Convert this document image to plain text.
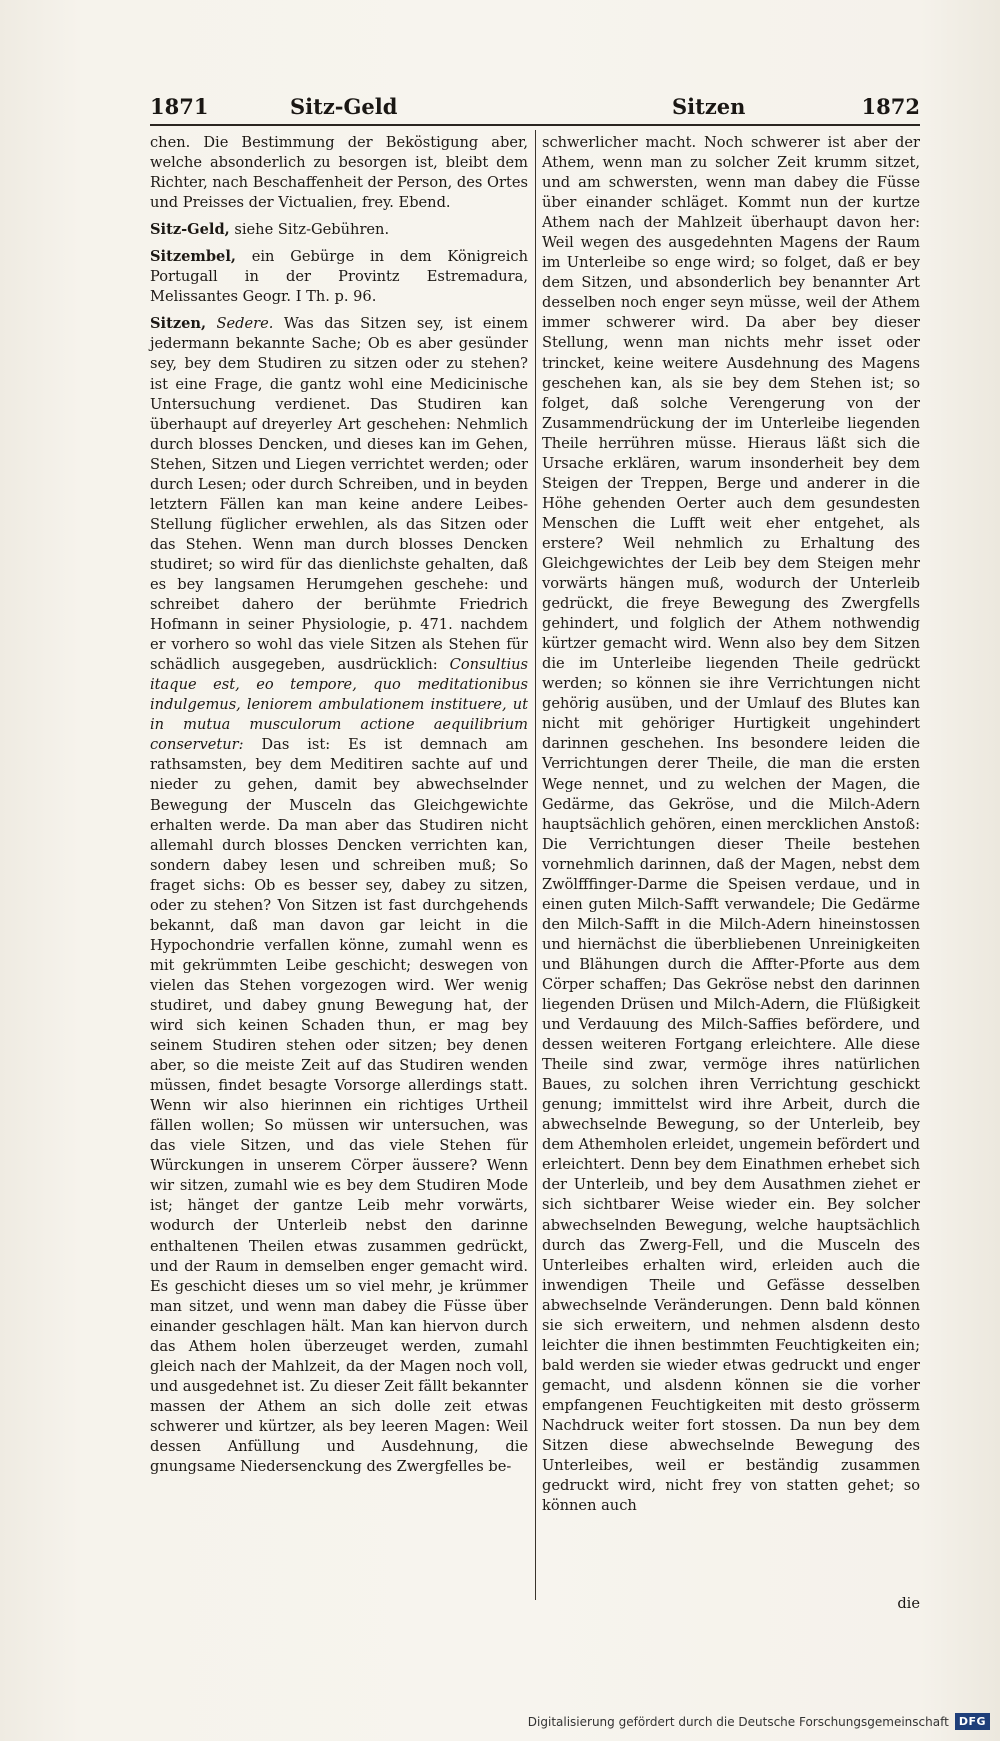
1871	Sitz-Geld	Sitzen	1872

chen. Die Bestimmung der Beköstigung aber, welche absonderlich zu besorgen ist, bleibt dem Richter, nach Beschaffenheit der Person, des Ortes und Preisses der Victualien, frey. Ebend.

Sitz-Geld, siehe Sitz-Gebühren.

Sitzembel, ein Gebürge in dem Königreich Portugall in der Provintz Estremadura, Melissantes Geogr. I Th. p. 96.

Sitzen, Sedere. Was das Sitzen sey, ist einem jedermann bekannte Sache; Ob es aber gesünder sey, bey dem Studiren zu sitzen oder zu stehen? ist eine Frage, die gantz wohl eine Medicinische Untersuchung verdienet. Das Studiren kan überhaupt auf dreyerley Art geschehen: Nehmlich durch blosses Dencken, und dieses kan im Gehen, Stehen, Sitzen und Liegen verrichtet werden; oder durch Lesen; oder durch Schreiben, und in beyden letztern Fällen kan man keine andere Leibes-Stellung füglicher erwehlen, als das Sitzen oder das Stehen. Wenn man durch blosses Dencken studiret; so wird für das dienlichste gehalten, daß es bey langsamen Herumgehen geschehe: und schreibet dahero der berühmte Friedrich Hofmann in seiner Physiologie, p. 471. nachdem er vorhero so wohl das viele Sitzen als Stehen für schädlich ausgegeben, ausdrücklich: Consultius itaque est, eo tempore, quo meditationibus indulgemus, leniorem ambulationem instituere, ut in mutua musculorum actione aequilibrium conservetur: Das ist: Es ist demnach am rathsamsten, bey dem Meditiren sachte auf und nieder zu gehen, damit bey abwechselnder Bewegung der Musceln das Gleichgewichte erhalten werde. Da man aber das Studiren nicht allemahl durch blosses Dencken verrichten kan, sondern dabey lesen und schreiben muß; So fraget sichs: Ob es besser sey, dabey zu sitzen, oder zu stehen? Von Sitzen ist fast durchgehends bekannt, daß man davon gar leicht in die Hypochondrie verfallen könne, zumahl wenn es mit gekrümmten Leibe geschicht; deswegen von vielen das Stehen vorgezogen wird. Wer wenig studiret, und dabey gnung Bewegung hat, der wird sich keinen Schaden thun, er mag bey seinem Studiren stehen oder sitzen; bey denen aber, so die meiste Zeit auf das Studiren wenden müssen, findet besagte Vorsorge allerdings statt. Wenn wir also hierinnen ein richtiges Urtheil fällen wollen; So müssen wir untersuchen, was das viele Sitzen, und das viele Stehen für Würckungen in unserem Cörper äussere? Wenn wir sitzen, zumahl wie es bey dem Studiren Mode ist; hänget der gantze Leib mehr vorwärts, wodurch der Unterleib nebst den darinne enthaltenen Theilen etwas zusammen gedrückt, und der Raum in demselben enger gemacht wird. Es geschicht dieses um so viel mehr, je krümmer man sitzet, und wenn man dabey die Füsse über einander geschlagen hält. Man kan hiervon durch das Athem holen überzeuget werden, zumahl gleich nach der Mahlzeit, da der Magen noch voll, und ausgedehnet ist. Zu dieser Zeit fällt bekannter massen der Athem an sich dolle zeit etwas schwerer und kürtzer, als bey leeren Magen: Weil dessen Anfüllung und Ausdehnung, die gnungsame Niedersenckung des Zwergfelles be-

schwerlicher macht. Noch schwerer ist aber der Athem, wenn man zu solcher Zeit krumm sitzet, und am schwersten, wenn man dabey die Füsse über einander schläget. Kommt nun der kurtze Athem nach der Mahlzeit überhaupt davon her: Weil wegen des ausgedehnten Magens der Raum im Unterleibe so enge wird; so folget, daß er bey dem Sitzen, und absonderlich bey benannter Art desselben noch enger seyn müsse, weil der Athem immer schwerer wird. Da aber bey dieser Stellung, wenn man nichts mehr isset oder trincket, keine weitere Ausdehnung des Magens geschehen kan, als sie bey dem Stehen ist; so folget, daß solche Verengerung von der Zusammendrückung der im Unterleibe liegenden Theile herrühren müsse. Hieraus läßt sich die Ursache erklären, warum insonderheit bey dem Steigen der Treppen, Berge und anderer in die Höhe gehenden Oerter auch dem gesundesten Menschen die Lufft weit eher entgehet, als erstere? Weil nehmlich zu Erhaltung des Gleichgewichtes der Leib bey dem Steigen mehr vorwärts hängen muß, wodurch der Unterleib gedrückt, die freye Bewegung des Zwergfells gehindert, und folglich der Athem nothwendig kürtzer gemacht wird. Wenn also bey dem Sitzen die im Unterleibe liegenden Theile gedrückt werden; so können sie ihre Verrichtungen nicht gehörig ausüben, und der Umlauf des Blutes kan nicht mit gehöriger Hurtigkeit ungehindert darinnen geschehen. Ins besondere leiden die Verrichtungen derer Theile, die man die ersten Wege nennet, und zu welchen der Magen, die Gedärme, das Gekröse, und die Milch-Adern hauptsächlich gehören, einen mercklichen Anstoß: Die Verrichtungen dieser Theile bestehen vornehmlich darinnen, daß der Magen, nebst dem Zwölfffinger-Darme die Speisen verdaue, und in einen guten Milch-Safft verwandele; Die Gedärme den Milch-Safft in die Milch-Adern hineinstossen und hiernächst die überbliebenen Unreinigkeiten und Blähungen durch die Affter-Pforte aus dem Cörper schaffen; Das Gekröse nebst den darinnen liegenden Drüsen und Milch-Adern, die Flüßigkeit und Verdauung des Milch-Saffies befördere, und dessen weiteren Fortgang erleichtere. Alle diese Theile sind zwar, vermöge ihres natürlichen Baues, zu solchen ihren Verrichtung geschickt genung; immittelst wird ihre Arbeit, durch die abwechselnde Bewegung, so der Unterleib, bey dem Athemholen erleidet, ungemein befördert und erleichtert. Denn bey dem Einathmen erhebet sich der Unterleib, und bey dem Ausathmen ziehet er sich sichtbarer Weise wieder ein. Bey solcher abwechselnden Bewegung, welche hauptsächlich durch das Zwerg-Fell, und die Musceln des Unterleibes erhalten wird, erleiden auch die inwendigen Theile und Gefässe desselben abwechselnde Veränderungen. Denn bald können sie sich erweitern, und nehmen alsdenn desto leichter die ihnen bestimmten Feuchtigkeiten ein; bald werden sie wieder etwas gedruckt und enger gemacht, und alsdenn können sie die vorher empfangenen Feuchtigkeiten mit desto grösserm Nachdruck weiter fort stossen. Da nun bey dem Sitzen diese abwechselnde Bewegung des Unterleibes, weil er beständig zusammen gedruckt wird, nicht frey von statten gehet; so können auch

die
Digitalisierung gefördert durch die Deutsche Forschungsgemeinschaft DFG
